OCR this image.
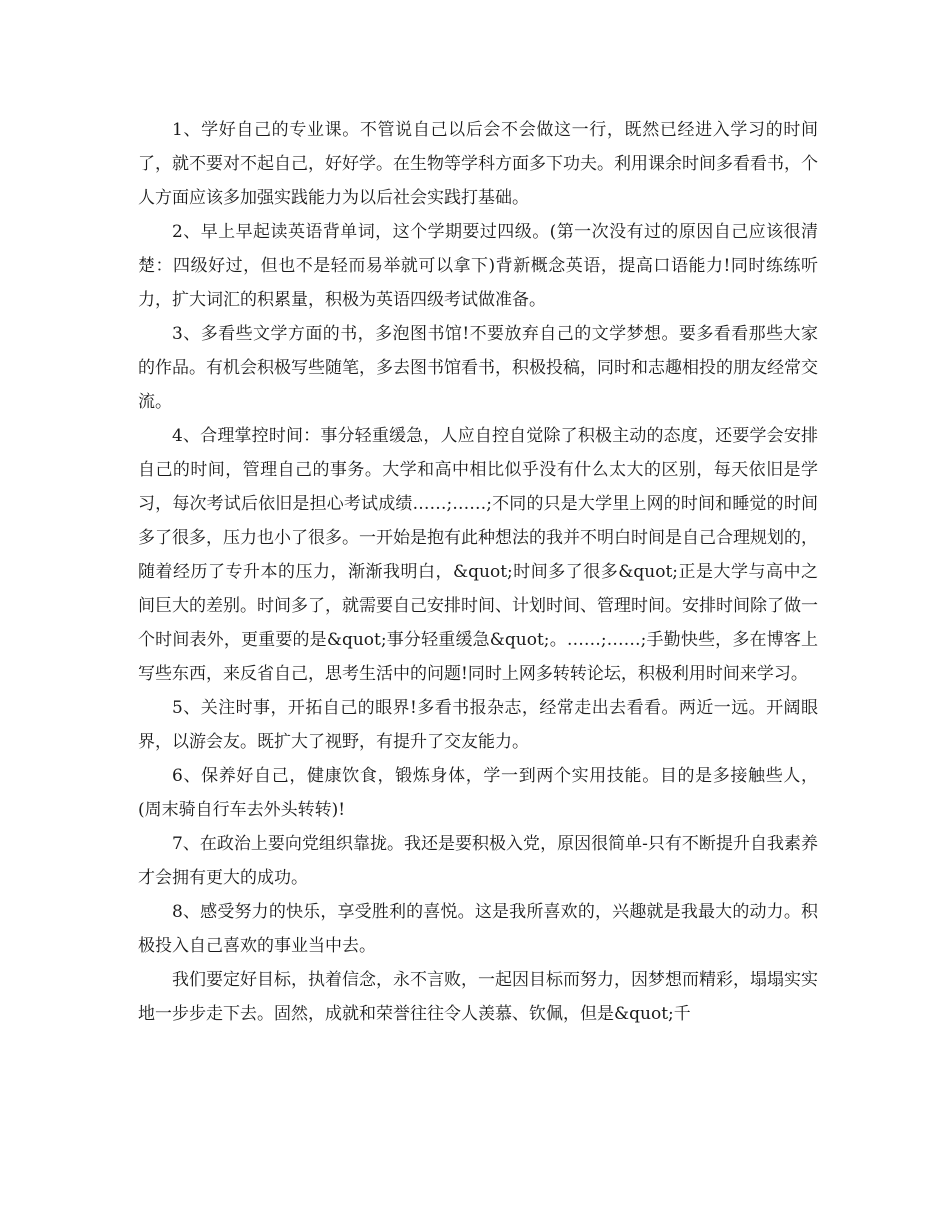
1、学好自己的专业课。不管说自己以后会不会做这一行，既然已经进入学习的时间了，就不要对不起自己，好好学。在生物等学科方面多下功夫。利用课余时间多看看书，个人方面应该多加强实践能力为以后社会实践打基础。

2、早上早起读英语背单词，这个学期要过四级。(第一次没有过的原因自己应该很清楚：四级好过，但也不是轻而易举就可以拿下)背新概念英语，提高口语能力!同时练练听力，扩大词汇的积累量，积极为英语四级考试做准备。

3、多看些文学方面的书，多泡图书馆!不要放弃自己的文学梦想。要多看看那些大家的作品。有机会积极写些随笔，多去图书馆看书，积极投稿，同时和志趣相投的朋友经常交流。

4、合理掌控时间：事分轻重缓急，人应自控自觉除了积极主动的态度，还要学会安排自己的时间，管理自己的事务。大学和高中相比似乎没有什么太大的区别，每天依旧是学习，每次考试后依旧是担心考试成绩……;……;不同的只是大学里上网的时间和睡觉的时间多了很多，压力也小了很多。一开始是抱有此种想法的我并不明白时间是自己合理规划的，随着经历了专升本的压力，渐渐我明白，&quot;时间多了很多&quot;正是大学与高中之间巨大的差别。时间多了，就需要自己安排时间、计划时间、管理时间。安排时间除了做一个时间表外，更重要的是&quot;事分轻重缓急&quot;。……;……;手勤快些，多在博客上写些东西，来反省自己，思考生活中的问题!同时上网多转转论坛，积极利用时间来学习。

5、关注时事，开拓自己的眼界!多看书报杂志，经常走出去看看。两近一远。开阔眼界，以游会友。既扩大了视野，有提升了交友能力。

6、保养好自己，健康饮食，锻炼身体，学一到两个实用技能。目的是多接触些人，(周末骑自行车去外头转转)!

7、在政治上要向党组织靠拢。我还是要积极入党，原因很简单-只有不断提升自我素养才会拥有更大的成功。

8、感受努力的快乐，享受胜利的喜悦。这是我所喜欢的，兴趣就是我最大的动力。积极投入自己喜欢的事业当中去。

我们要定好目标，执着信念，永不言败，一起因目标而努力，因梦想而精彩，塌塌实实地一步步走下去。固然，成就和荣誉往往令人羡慕、钦佩，但是&quot;千
